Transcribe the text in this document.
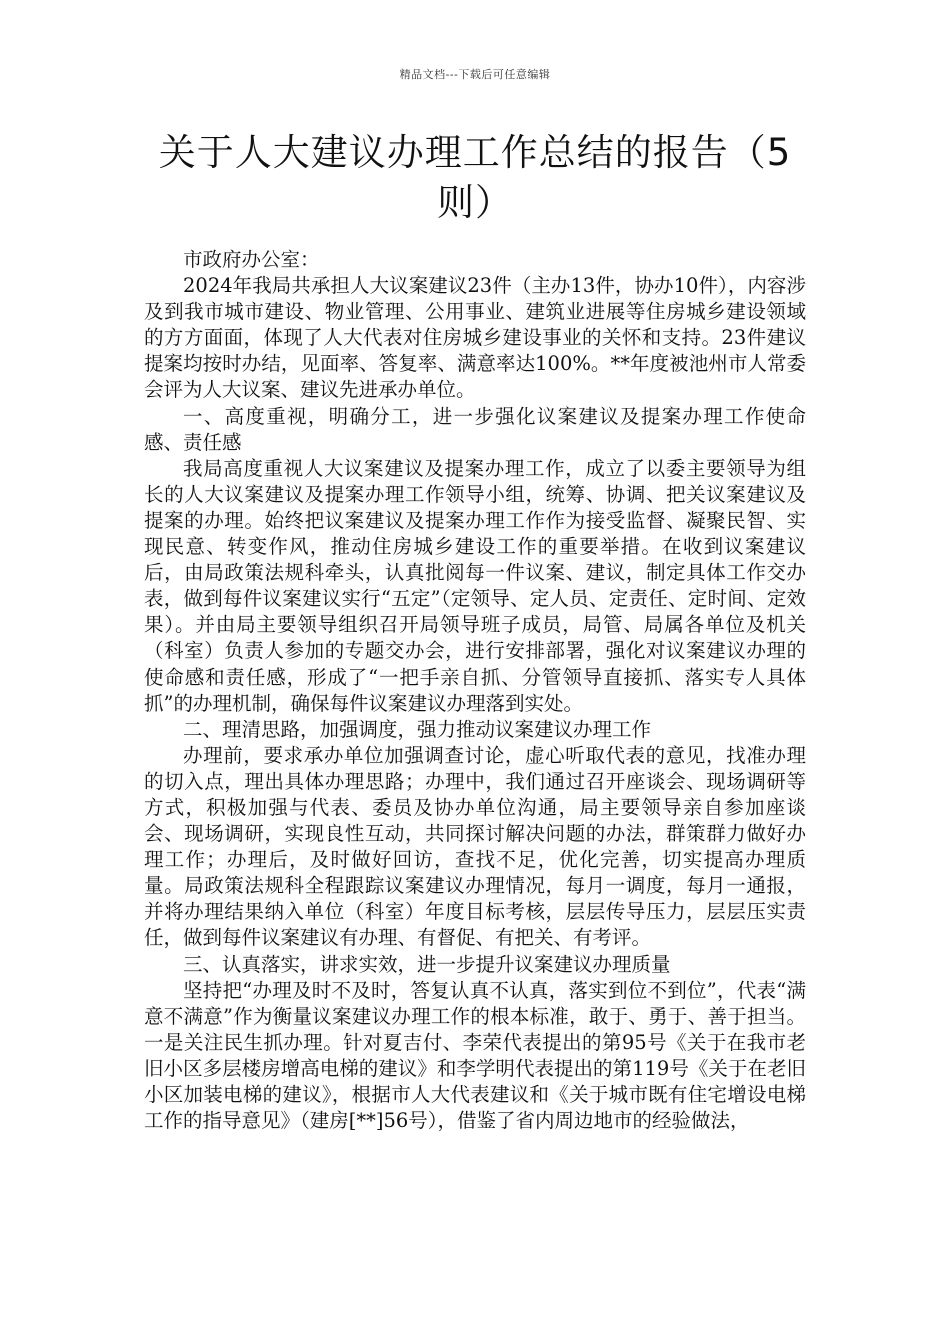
精品文档---下载后可任意编辑
关于人大建议办理工作总结的报告（5则）

市政府办公室：

2024年我局共承担人大议案建议23件（主办13件，协办10件），内容涉及到我市城市建设、物业管理、公用事业、建筑业进展等住房城乡建设领域的方方面面，体现了人大代表对住房城乡建设事业的关怀和支持。23件建议提案均按时办结，见面率、答复率、满意率达100%。**年度被池州市人常委会评为人大议案、建议先进承办单位。

一、高度重视，明确分工，进一步强化议案建议及提案办理工作使命感、责任感

我局高度重视人大议案建议及提案办理工作，成立了以委主要领导为组长的人大议案建议及提案办理工作领导小组，统筹、协调、把关议案建议及提案的办理。始终把议案建议及提案办理工作作为接受监督、凝聚民智、实现民意、转变作风，推动住房城乡建设工作的重要举措。在收到议案建议后，由局政策法规科牵头，认真批阅每一件议案、建议，制定具体工作交办表，做到每件议案建议实行“五定”（定领导、定人员、定责任、定时间、定效果）。并由局主要领导组织召开局领导班子成员，局管、局属各单位及机关（科室）负责人参加的专题交办会，进行安排部署，强化对议案建议办理的使命感和责任感，形成了“一把手亲自抓、分管领导直接抓、落实专人具体抓”的办理机制，确保每件议案建议办理落到实处。

二、理清思路，加强调度，强力推动议案建议办理工作

办理前，要求承办单位加强调查讨论，虚心听取代表的意见，找准办理的切入点，理出具体办理思路；办理中，我们通过召开座谈会、现场调研等方式，积极加强与代表、委员及协办单位沟通，局主要领导亲自参加座谈会、现场调研，实现良性互动，共同探讨解决问题的办法，群策群力做好办理工作；办理后，及时做好回访，查找不足，优化完善，切实提高办理质量。局政策法规科全程跟踪议案建议办理情况，每月一调度，每月一通报，并将办理结果纳入单位（科室）年度目标考核，层层传导压力，层层压实责任，做到每件议案建议有办理、有督促、有把关、有考评。

三、认真落实，讲求实效，进一步提升议案建议办理质量

坚持把“办理及时不及时，答复认真不认真，落实到位不到位”，代表“满意不满意”作为衡量议案建议办理工作的根本标准，敢于、勇于、善于担当。一是关注民生抓办理。针对夏吉付、李荣代表提出的第95号《关于在我市老旧小区多层楼房增高电梯的建议》和李学明代表提出的第119号《关于在老旧小区加装电梯的建议》，根据市人大代表建议和《关于城市既有住宅增设电梯工作的指导意见》（建房[**]56号），借鉴了省内周边地市的经验做法，
